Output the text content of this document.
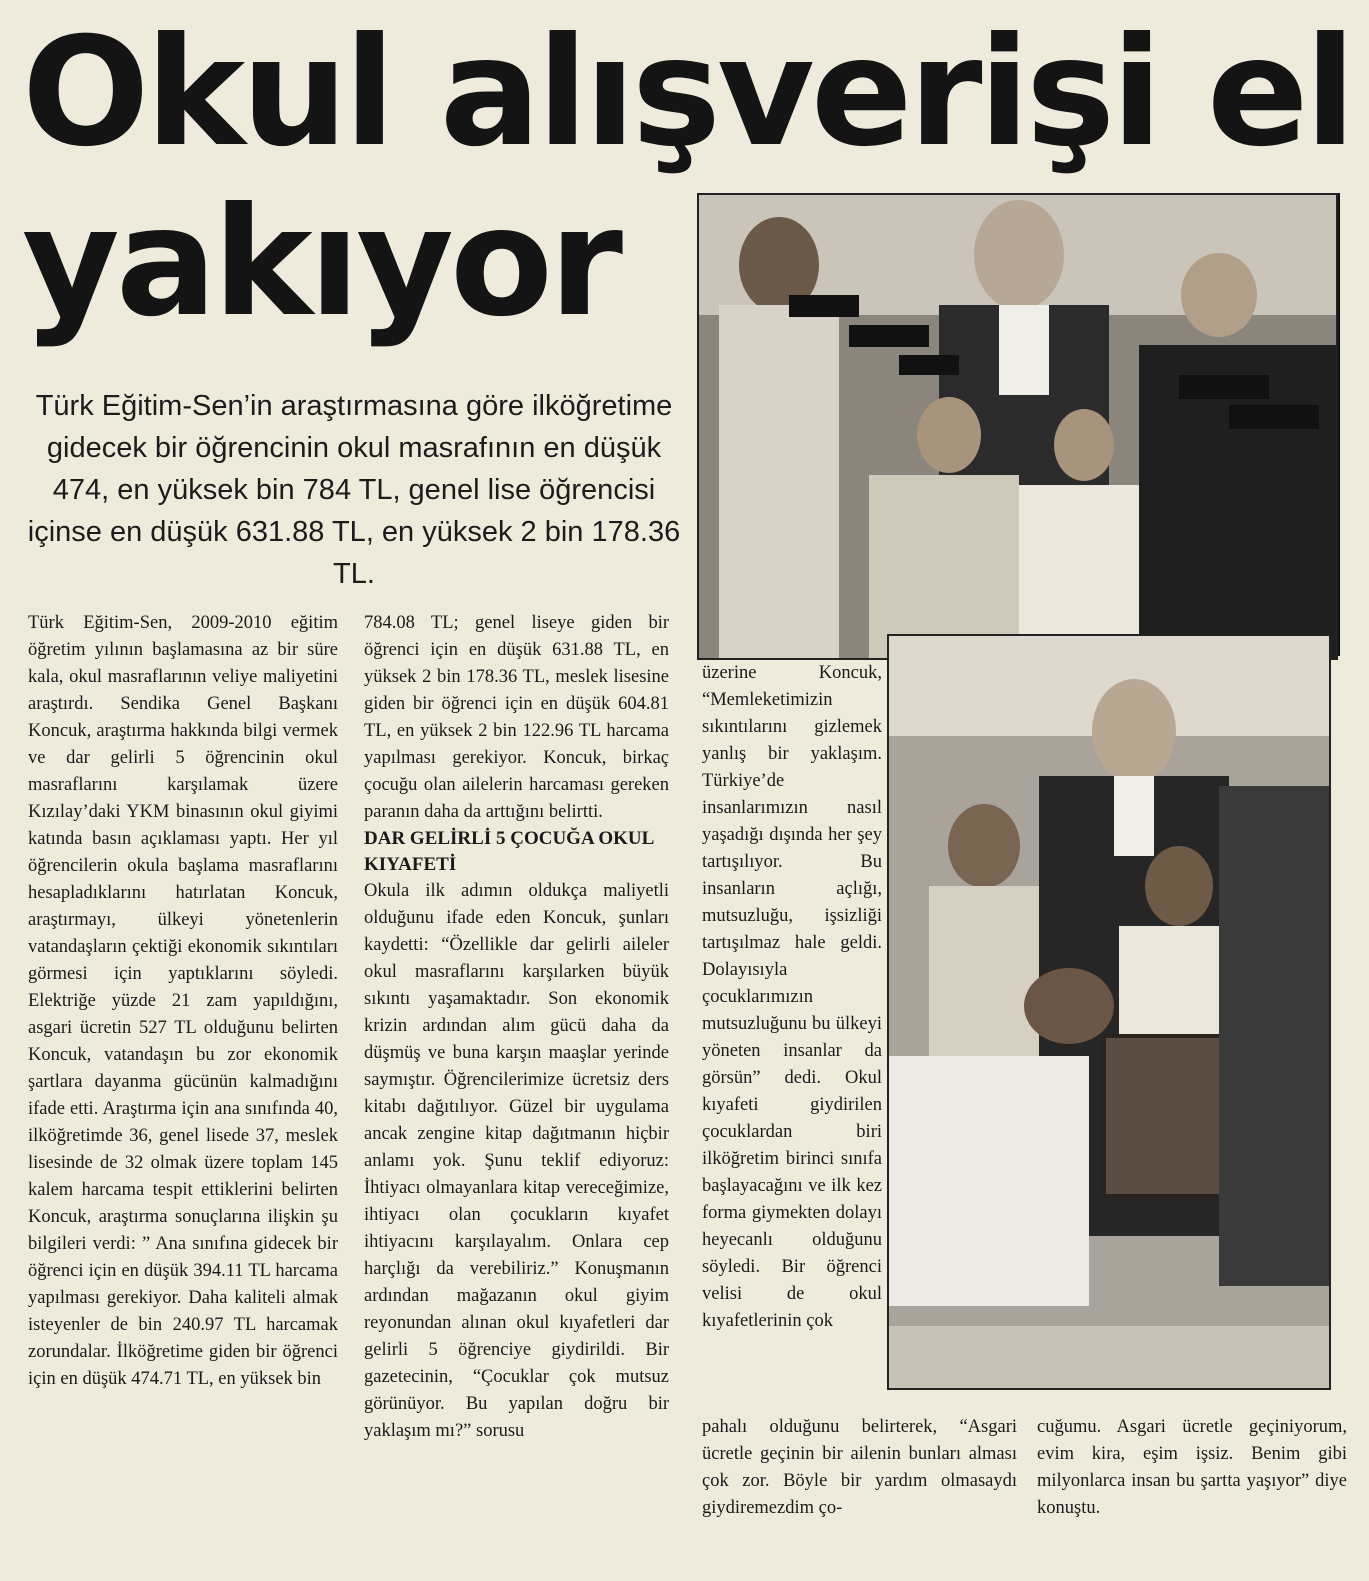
Okul alışverişi el
yakıyor

Türk Eğitim-Sen’in araştırmasına göre ilköğretime gidecek bir öğrencinin okul masrafının en düşük 474, en yüksek bin 784 TL, genel lise öğrencisi içinse en düşük 631.88 TL, en yüksek 2 bin 178.36 TL.

Türk Eğitim-Sen, 2009-2010 eğitim öğretim yılının başlamasına az bir süre kala, okul masraflarının veliye maliyetini araştırdı. Sendika Genel Başkanı Koncuk, araştırma hakkında bilgi vermek ve dar gelirli 5 öğrencinin okul masraflarını karşılamak üzere Kızılay’daki YKM binasının okul giyimi katında basın açıklaması yaptı. Her yıl öğrencilerin okula başlama masraflarını hesapladıklarını hatırlatan Koncuk, araştırmayı, ülkeyi yönetenlerin vatandaşların çektiği ekonomik sıkıntıları görmesi için yaptıklarını söyledi. Elektriğe yüzde 21 zam yapıldığını, asgari ücretin 527 TL olduğunu belirten Koncuk, vatandaşın bu zor ekonomik şartlara dayanma gücünün kalmadığını ifade etti. Araştırma için ana sınıfında 40, ilköğretimde 36, genel lisede 37, meslek lisesinde de 32 olmak üzere toplam 145 kalem harcama tespit ettiklerini belirten Koncuk, araştırma sonuçlarına ilişkin şu bilgileri verdi: ” Ana sınıfına gidecek bir öğrenci için en düşük 394.11 TL harcama yapılması gerekiyor. Daha kaliteli almak isteyenler de bin 240.97 TL harcamak zorundalar. İlköğretime giden bir öğrenci için en düşük 474.71 TL, en yüksek bin

784.08 TL; genel liseye giden bir öğrenci için en düşük 631.88 TL, en yüksek 2 bin 178.36 TL, meslek lisesine giden bir öğrenci için en düşük 604.81 TL, en yüksek 2 bin 122.96 TL harcama yapılması gerekiyor. Koncuk, birkaç çocuğu olan ailelerin harcaması gereken paranın daha da arttığını belirtti.

DAR GELİRLİ 5 ÇOCUĞA OKUL KIYAFETİ

Okula ilk adımın oldukça maliyetli olduğunu ifade eden Koncuk, şunları kaydetti: “Özellikle dar gelirli aileler okul masraflarını karşılarken büyük sıkıntı yaşamaktadır. Son ekonomik krizin ardından alım gücü daha da düşmüş ve buna karşın maaşlar yerinde saymıştır. Öğrencilerimize ücretsiz ders kitabı dağıtılıyor. Güzel bir uygulama ancak zengine kitap dağıtmanın hiçbir anlamı yok. Şunu teklif ediyoruz: İhtiyacı olmayanlara kitap vereceğimize, ihtiyacı olan çocukların kıyafet ihtiyacını karşılayalım. Onlara cep harçlığı da verebiliriz.” Konuşmanın ardından mağazanın okul giyim reyonundan alınan okul kıyafetleri dar gelirli 5 öğrenciye giydirildi. Bir gazetecinin, “Çocuklar çok mutsuz görünüyor. Bu yapılan doğru bir yaklaşım mı?” sorusu

üzerine Koncuk, “Memleketimizin sıkıntılarını gizlemek yanlış bir yaklaşım. Türkiye’de insanlarımızın nasıl yaşadığı dışında her şey tartışılıyor. Bu insanların açlığı, mutsuzluğu, işsizliği tartışılmaz hale geldi. Dolayısıyla çocuklarımızın mutsuzluğunu bu ülkeyi yöneten insanlar da görsün” dedi. Okul kıyafeti giydirilen çocuklardan biri ilköğretim birinci sınıfa başlayacağını ve ilk kez forma giymekten dolayı heyecanlı olduğunu söyledi. Bir öğrenci velisi de okul kıyafetlerinin çok

pahalı olduğunu belirterek, “Asgari ücretle geçinin bir ailenin bunları alması çok zor. Böyle bir yardım olmasaydı giydiremezdim ço-

cuğumu. Asgari ücretle geçiniyorum, evim kira, eşim işsiz. Benim gibi milyonlarca insan bu şartta yaşıyor” diye konuştu.
